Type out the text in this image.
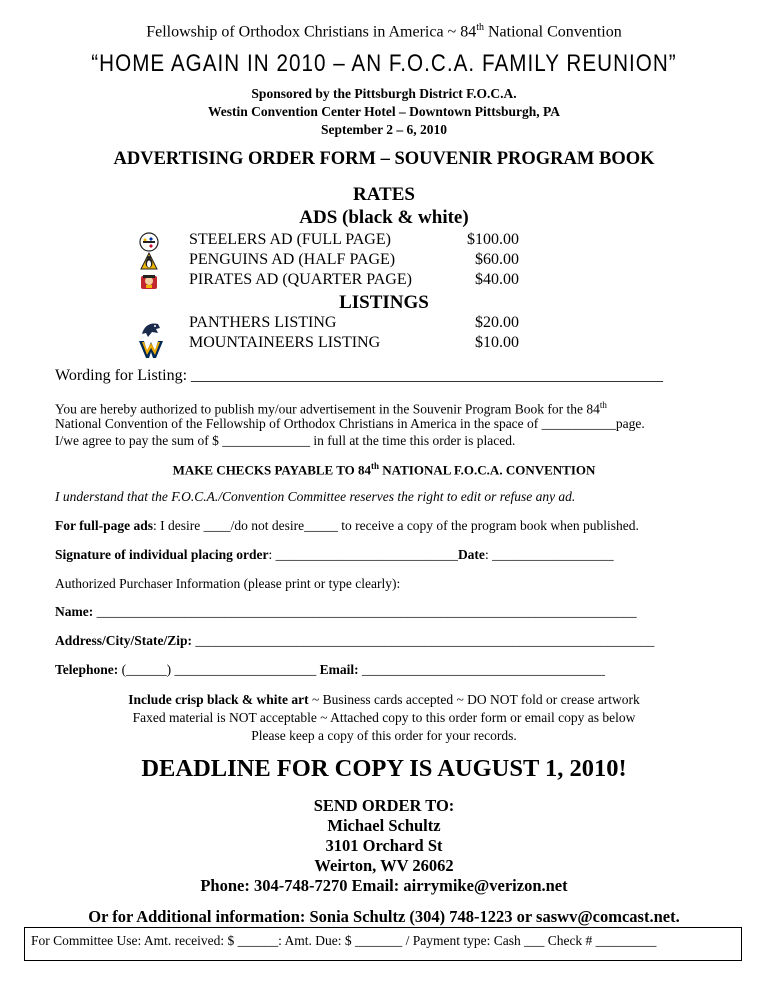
Fellowship of Orthodox Christians in America ~ 84th National Convention
“HOME AGAIN IN 2010 – AN F.O.C.A. FAMILY REUNION”
Sponsored by the Pittsburgh District F.O.C.A.
Westin Convention Center Hotel – Downtown Pittsburgh, PA
September 2 – 6, 2010
ADVERTISING ORDER FORM – SOUVENIR PROGRAM BOOK
RATES
ADS (black & white)
STEELERS AD (FULL PAGE)	$100.00
PENGUINS AD (HALF PAGE)	$60.00
PIRATES AD (QUARTER PAGE)	$40.00
LISTINGS
PANTHERS LISTING	$20.00
MOUNTAINEERS LISTING	$10.00
Wording for Listing: ___________________________________________________________
You are hereby authorized to publish my/our advertisement in the Souvenir Program Book for the 84th
National Convention of the Fellowship of Orthodox Christians in America in the space of ___________page.
I/we agree to pay the sum of $ _____________ in full at the time this order is placed.
MAKE CHECKS PAYABLE TO 84th NATIONAL F.O.C.A. CONVENTION
I understand that the F.O.C.A./Convention Committee reserves the right to edit or refuse any ad.
For full-page ads: I desire ____/do not desire_____ to receive a copy of the program book when published.
Signature of individual placing order: ___________________________Date: __________________
Authorized Purchaser Information (please print or type clearly):
Name: ________________________________________________________________________________
Address/City/State/Zip: ____________________________________________________________________
Telephone: (______) _____________________ Email: ____________________________________
Include crisp black & white art ~ Business cards accepted ~ DO NOT fold or crease artwork
Faxed material is NOT acceptable ~ Attached copy to this order form or email copy as below
Please keep a copy of this order for your records.
DEADLINE FOR COPY IS AUGUST 1, 2010!
SEND ORDER TO:
Michael Schultz
3101 Orchard St
Weirton, WV 26062
Phone: 304-748-7270 Email: airrymike@verizon.net
Or for Additional information: Sonia Schultz (304) 748-1223 or saswv@comcast.net.
For Committee Use: Amt. received: $ ______: Amt. Due: $ _______ / Payment type: Cash ___ Check # _________
